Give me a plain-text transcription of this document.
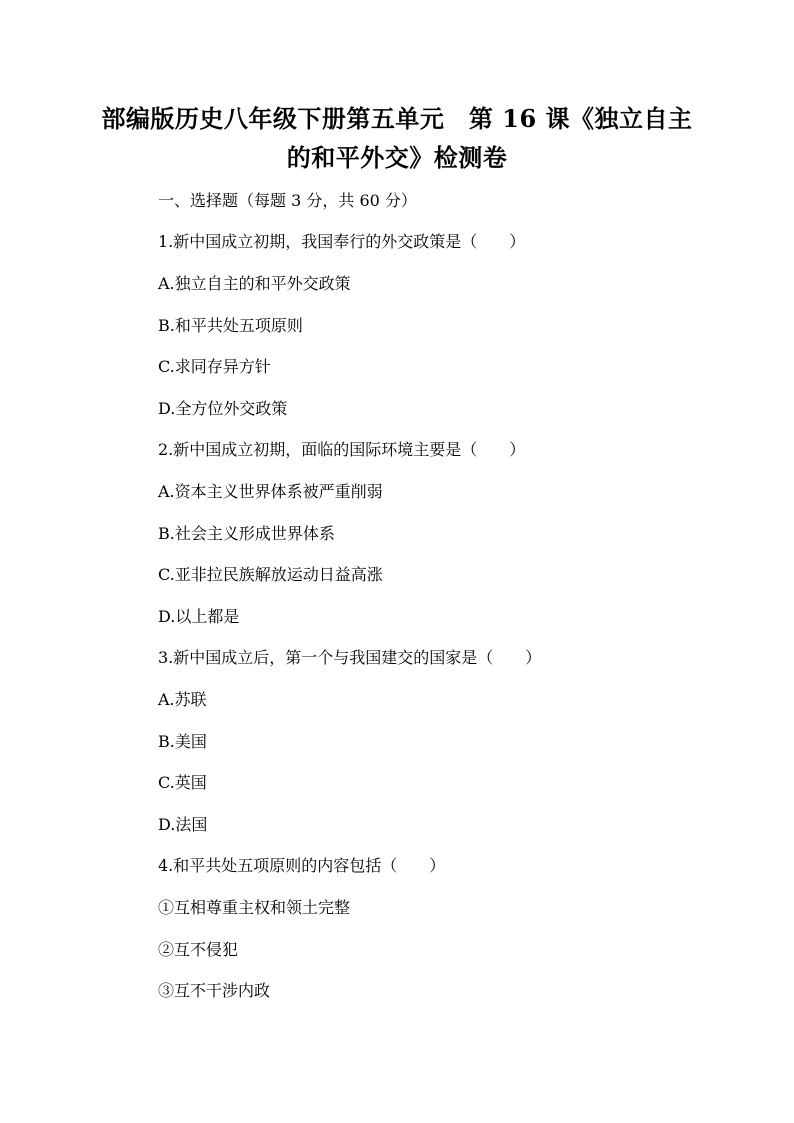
部编版历史八年级下册第五单元　第 16 课《独立自主
的和平外交》检测卷
一、选择题（每题 3 分，共 60 分）
1.新中国成立初期，我国奉行的外交政策是（　　）
A.独立自主的和平外交政策
B.和平共处五项原则
C.求同存异方针
D.全方位外交政策
2.新中国成立初期，面临的国际环境主要是（　　）
A.资本主义世界体系被严重削弱
B.社会主义形成世界体系
C.亚非拉民族解放运动日益高涨
D.以上都是
3.新中国成立后，第一个与我国建交的国家是（　　）
A.苏联
B.美国
C.英国
D.法国
4.和平共处五项原则的内容包括（　　）
①互相尊重主权和领土完整
②互不侵犯
③互不干涉内政
